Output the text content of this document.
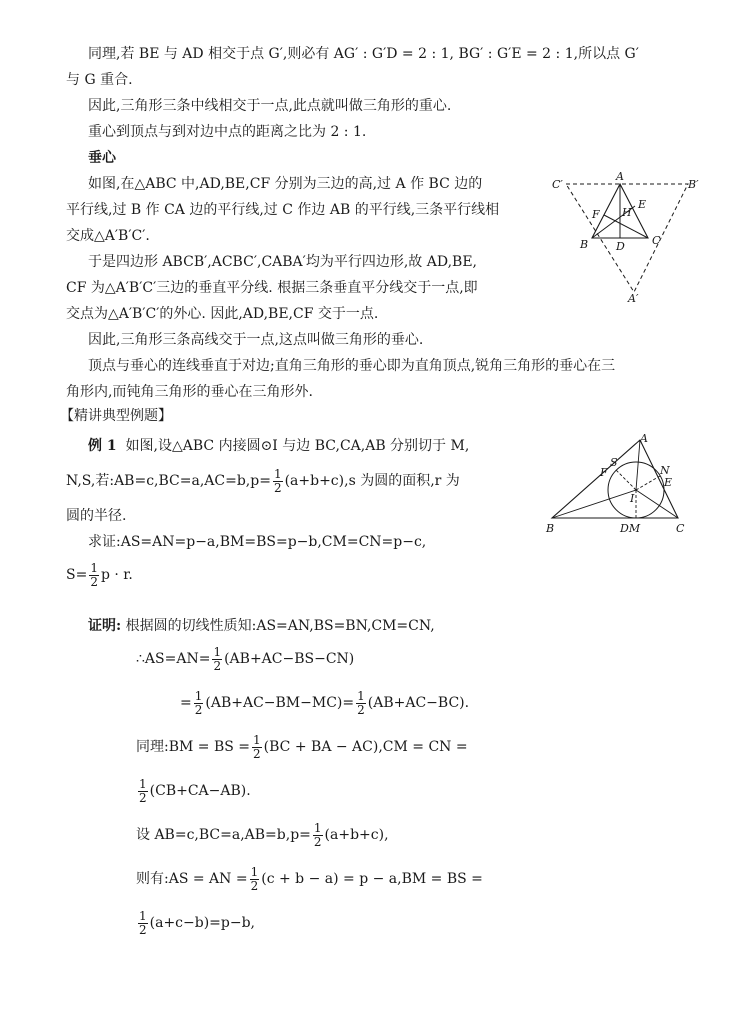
同理,若 BE 与 AD 相交于点 G′,则必有 AG′ : G′D = 2 : 1, BG′ : G′E = 2 : 1,所以点 G′
与 G 重合.
因此,三角形三条中线相交于一点,此点就叫做三角形的重心.
重心到顶点与到对边中点的距离之比为 2 : 1.
垂心
如图,在△ABC 中,AD,BE,CF 分别为三边的高,过 A 作 BC 边的
平行线,过 B 作 CA 边的平行线,过 C 作边 AB 的平行线,三条平行线相
交成△A′B′C′.
于是四边形 ABCB′,ACBC′,CABA′均为平行四边形,故 AD,BE,
CF 为△A′B′C′三边的垂直平分线. 根据三条垂直平分线交于一点,即
交点为△A′B′C′的外心. 因此,AD,BE,CF 交于一点.
因此,三角形三条高线交于一点,这点叫做三角形的垂心.
顶点与垂心的连线垂直于对边;直角三角形的垂心即为直角顶点,锐角三角形的垂心在三
角形内,而钝角三角形的垂心在三角形外.
A
B	C
D
E
F H
A′
B′
C′
【精讲典型例题】
例 1 如图,设△ABC 内接圆⊙I 与边 BC,CA,AB 分别切于 M,
N,S,若:AB=c,BC=a,AC=b,p= $\frac{1}{2} (a+b+c),s$ 为圆的面积,r 为
圆的半径.
求证:AS=AN=p−a,BM=BS=p−b,CM=CN=p−c,
$S= \frac{1}{2}$ p · r.
A
B	C
S
F	N
E
I
DM
证明: 根据圆的切线性质知:AS=AN,BS=BN,CM=CN,
∴AS=AN= $\frac{1}{2} (AB+AC-BS-CN)$
= $\frac{1}{2} (AB+AC-BM-MC)= \frac{1}{2} (AB+AC-BC)$.
同理:BM = BS = $\frac{1}{2} (BC$ + BA − AC),CM = CN =
$\frac{1}{2} (CB+CA-AB)$.
设 $AB=c,BC=a,AB=b,p= \frac{1}{2} (a+b+c)$,
则有:AS = AN = $\frac{1}{2} (c + b - a) = p - a,BM$ = BS =
$\frac{1}{2} (a+c-b)=p-b$,
